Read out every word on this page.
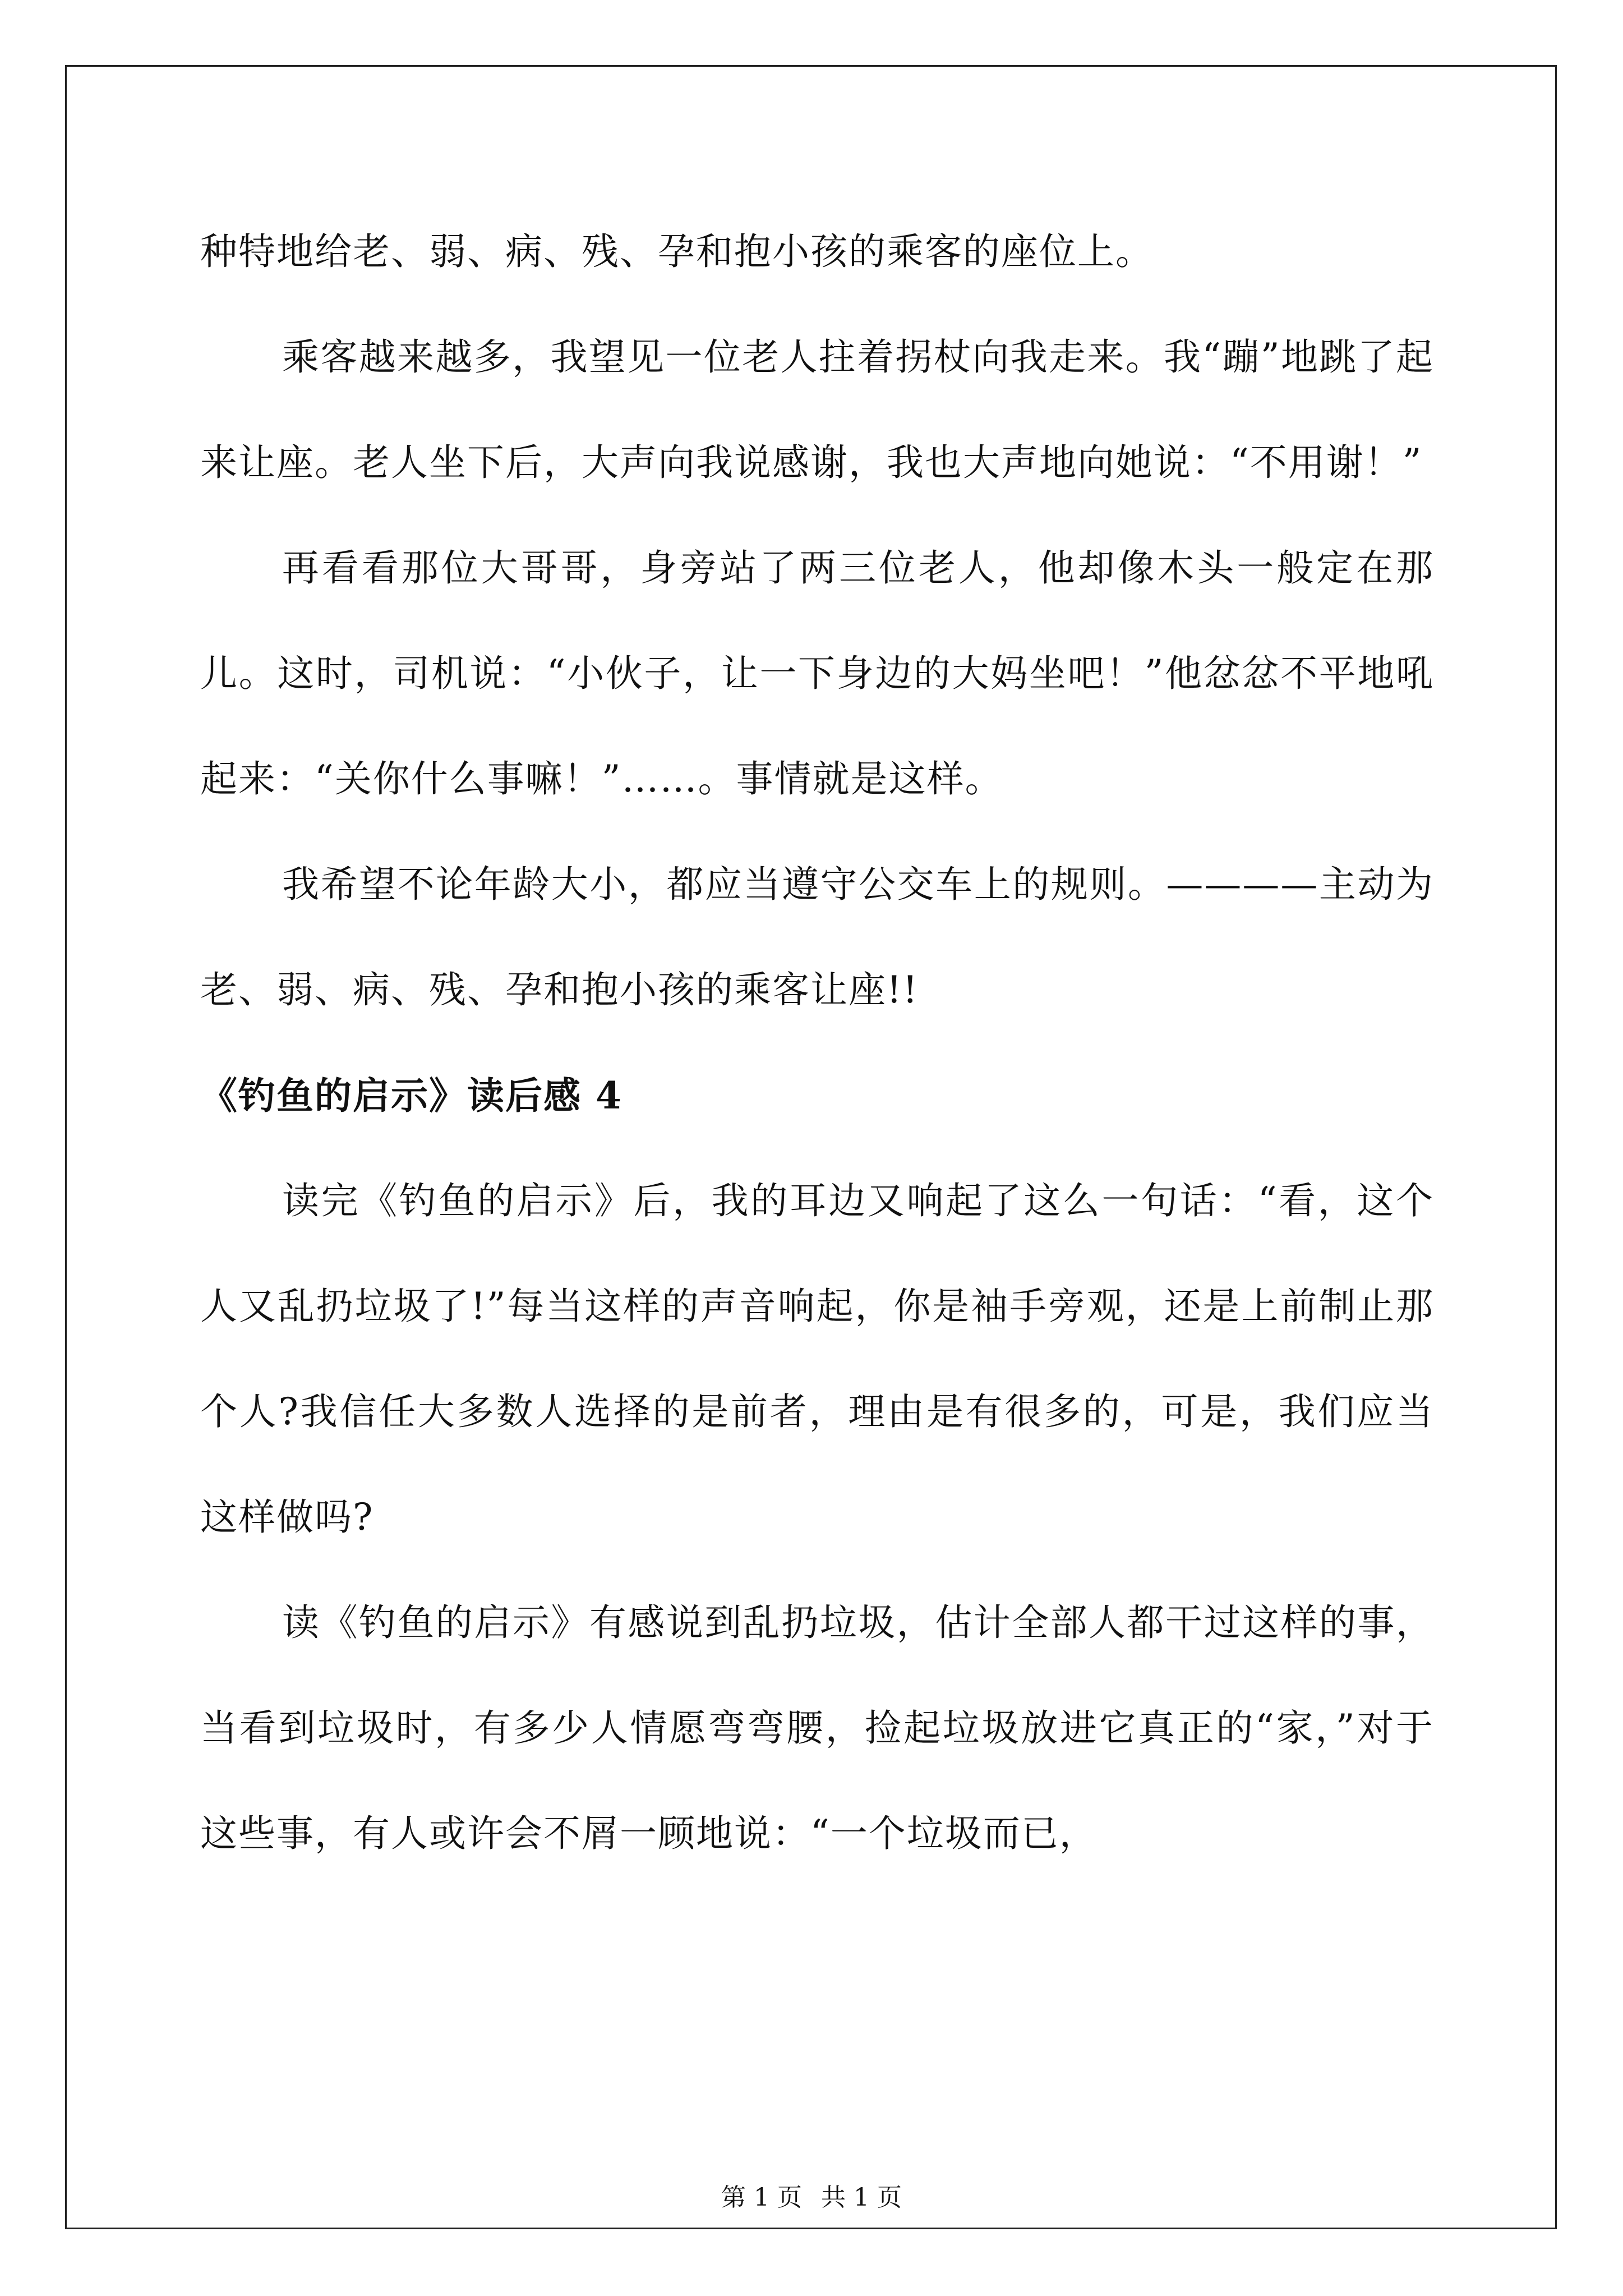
种特地给老、弱、病、残、孕和抱小孩的乘客的座位上。

乘客越来越多，我望见一位老人拄着拐杖向我走来。我“蹦”地跳了起来让座。老人坐下后，大声向我说感谢，我也大声地向她说：“不用谢！”

再看看那位大哥哥，身旁站了两三位老人，他却像木头一般定在那儿。这时，司机说：“小伙子，让一下身边的大妈坐吧！”他忿忿不平地吼起来：“关你什么事嘛！”……。事情就是这样。

我希望不论年龄大小，都应当遵守公交车上的规则。————主动为老、弱、病、残、孕和抱小孩的乘客让座!!

《钓鱼的启示》读后感 4

读完《钓鱼的启示》后，我的耳边又响起了这么一句话：“看，这个人又乱扔垃圾了!”每当这样的声音响起，你是袖手旁观，还是上前制止那个人?我信任大多数人选择的是前者，理由是有很多的，可是，我们应当这样做吗?

读《钓鱼的启示》有感说到乱扔垃圾，估计全部人都干过这样的事，当看到垃圾时，有多少人情愿弯弯腰，捡起垃圾放进它真正的“家，”对于这些事，有人或许会不屑一顾地说：“一个垃圾而已，

第 1 页 共 1 页
